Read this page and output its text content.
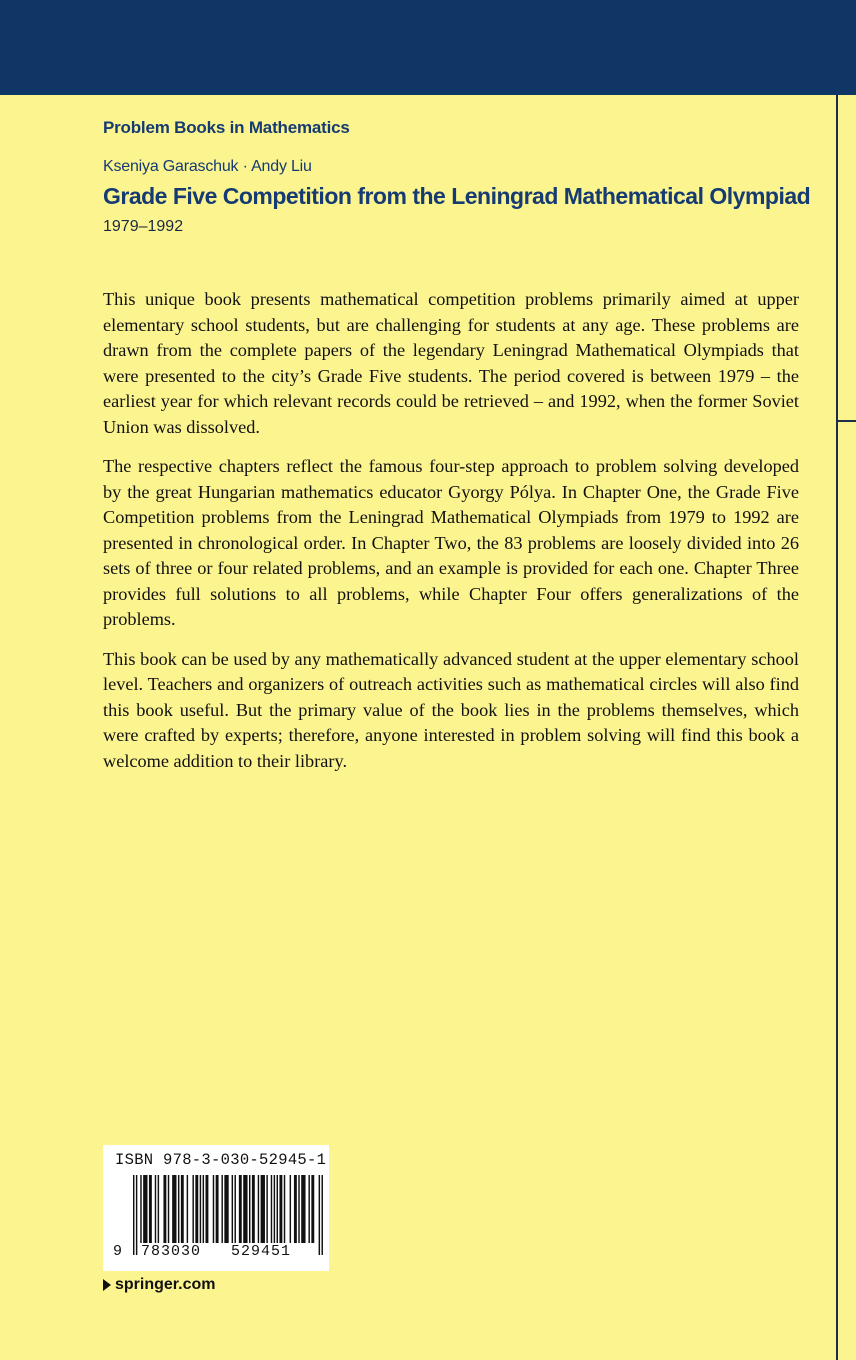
Problem Books in Mathematics
Kseniya Garaschuk · Andy Liu
Grade Five Competition from the Leningrad Mathematical Olympiad
1979–1992

This unique book presents mathematical competition problems primarily aimed at upper elementary school students, but are challenging for students at any age. These problems are drawn from the complete papers of the legendary Leningrad Mathematical Olympiads that were presented to the city’s Grade Five students. The period covered is between 1979 – the earliest year for which relevant records could be retrieved – and 1992, when the former Soviet Union was dissolved.

The respective chapters reflect the famous four-step approach to problem solving developed by the great Hungarian mathematics educator Gyorgy Pólya. In Chapter One, the Grade Five Competition problems from the Leningrad Mathematical Olympiads from 1979 to 1992 are presented in chronological order. In Chapter Two, the 83 problems are loosely divided into 26 sets of three or four related problems, and an example is provided for each one. Chapter Three provides full solutions to all problems, while Chapter Four offers generalizations of the problems.

This book can be used by any mathematically advanced student at the upper elementary school level. Teachers and organizers of outreach activities such as mathematical circles will also find this book useful. But the primary value of the book lies in the problems themselves, which were crafted by experts; therefore, anyone interested in problem solving will find this book a welcome addition to their library.

ISBN 978-3-030-52945-1
9 783030 529451
springer.com
